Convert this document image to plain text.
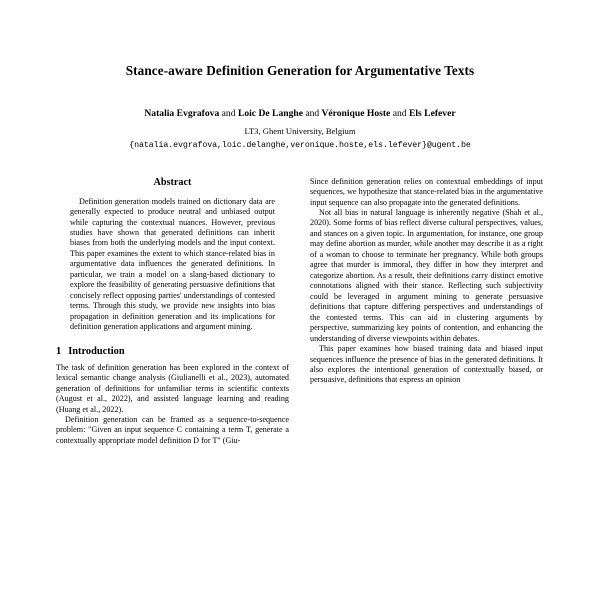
Stance-aware Definition Generation for Argumentative Texts
Natalia Evgrafova and Loic De Langhe and Véronique Hoste and Els Lefever
LT3, Ghent University, Belgium
{natalia.evgrafova,loic.delanghe,veronique.hoste,els.lefever}@ugent.be
Abstract

Definition generation models trained on dictionary data are generally expected to produce neutral and unbiased output while capturing the contextual nuances. However, previous studies have shown that generated definitions can inherit biases from both the underlying models and the input context. This paper examines the extent to which stance-related bias in argumentative data influences the generated definitions. In particular, we train a model on a slang-based dictionary to explore the feasibility of generating persuasive definitions that concisely reflect opposing parties' understandings of contested terms. Through this study, we provide new insights into bias propagation in definition generation and its implications for definition generation applications and argument mining.

1 Introduction

The task of definition generation has been explored in the context of lexical semantic change analysis (Giulianelli et al., 2023), automated generation of definitions for unfamiliar terms in scientific contexts (August et al., 2022), and assisted language learning and reading (Huang et al., 2022).

Definition generation can be framed as a sequence-to-sequence problem: "Given an input sequence C containing a term T, generate a contextually appropriate model definition D for T" (Giu-

Since definition generation relies on contextual embeddings of input sequences, we hypothesize that stance-related bias in the argumentative input sequence can also propagate into the generated definitions.

Not all bias in natural language is inherently negative (Shah et al., 2020). Some forms of bias reflect diverse cultural perspectives, values, and stances on a given topic. In argumentation, for instance, one group may define abortion as murder, while another may describe it as a right of a woman to choose to terminate her pregnancy. While both groups agree that murder is immoral, they differ in how they interpret and categorize abortion. As a result, their definitions carry distinct emotive connotations aligned with their stance. Reflecting such subjectivity could be leveraged in argument mining to generate persuasive definitions that capture differing perspectives and understandings of the contested terms. This can aid in clustering arguments by perspective, summarizing key points of contention, and enhancing the understanding of diverse viewpoints within debates.

This paper examines how biased training data and biased input sequences influence the presence of bias in the generated definitions. It also explores the intentional generation of contextually biased, or persuasive, definitions that express an opinion
